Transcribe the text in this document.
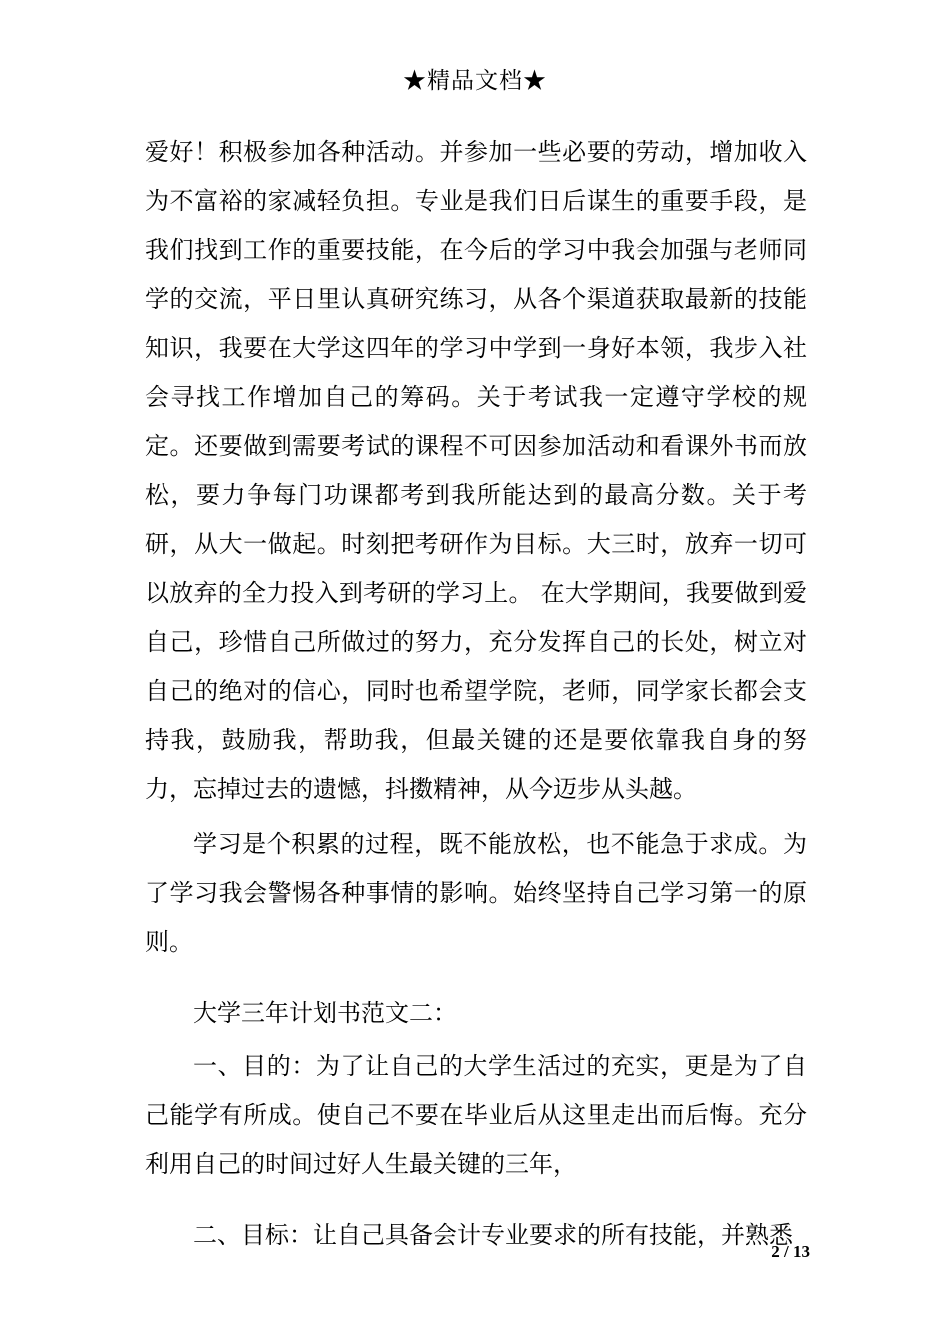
★精品文档★

爱好！积极参加各种活动。并参加一些必要的劳动，增加收入为不富裕的家减轻负担。专业是我们日后谋生的重要手段，是我们找到工作的重要技能，在今后的学习中我会加强与老师同学的交流，平日里认真研究练习，从各个渠道获取最新的技能知识，我要在大学这四年的学习中学到一身好本领，我步入社会寻找工作增加自己的筹码。关于考试我一定遵守学校的规定。还要做到需要考试的课程不可因参加活动和看课外书而放松，要力争每门功课都考到我所能达到的最高分数。关于考研，从大一做起。时刻把考研作为目标。大三时，放弃一切可以放弃的全力投入到考研的学习上。 在大学期间，我要做到爱自己，珍惜自己所做过的努力，充分发挥自己的长处，树立对自己的绝对的信心，同时也希望学院，老师，同学家长都会支持我，鼓励我，帮助我，但最关键的还是要依靠我自身的努力，忘掉过去的遗憾，抖擞精神，从今迈步从头越。

学习是个积累的过程，既不能放松，也不能急于求成。为了学习我会警惕各种事情的影响。始终坚持自己学习第一的原则。

大学三年计划书范文二：

一、目的：为了让自己的大学生活过的充实，更是为了自己能学有所成。使自己不要在毕业后从这里走出而后悔。充分利用自己的时间过好人生最关键的三年，

二、目标：让自己具备会计专业要求的所有技能，并熟悉

2 / 13
